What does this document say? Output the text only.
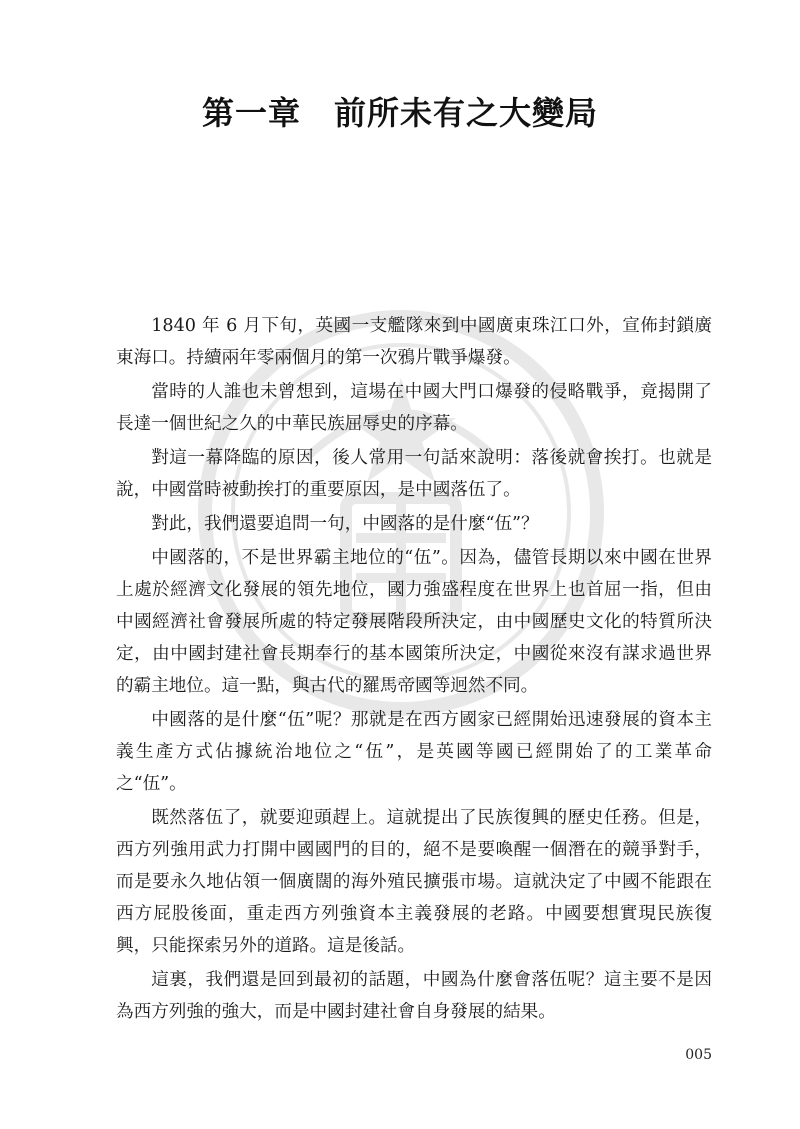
第一章　前所未有之大變局

1840 年 6 月下旬，英國一支艦隊來到中國廣東珠江口外，宣佈封鎖廣東海口。持續兩年零兩個月的第一次鴉片戰爭爆發。

當時的人誰也未曾想到，這場在中國大門口爆發的侵略戰爭，竟揭開了長達一個世紀之久的中華民族屈辱史的序幕。

對這一幕降臨的原因，後人常用一句話來說明：落後就會挨打。也就是說，中國當時被動挨打的重要原因，是中國落伍了。

對此，我們還要追問一句，中國落的是什麼“伍”？

中國落的，不是世界霸主地位的“伍”。因為，儘管長期以來中國在世界上處於經濟文化發展的領先地位，國力強盛程度在世界上也首屈一指，但由中國經濟社會發展所處的特定發展階段所決定，由中國歷史文化的特質所決定，由中國封建社會長期奉行的基本國策所決定，中國從來沒有謀求過世界的霸主地位。這一點，與古代的羅馬帝國等迥然不同。

中國落的是什麼“伍”呢？那就是在西方國家已經開始迅速發展的資本主義生產方式佔據統治地位之“伍”，是英國等國已經開始了的工業革命之“伍”。

既然落伍了，就要迎頭趕上。這就提出了民族復興的歷史任務。但是，西方列強用武力打開中國國門的目的，絕不是要喚醒一個潛在的競爭對手，而是要永久地佔領一個廣闊的海外殖民擴張市場。這就決定了中國不能跟在西方屁股後面，重走西方列強資本主義發展的老路。中國要想實現民族復興，只能探索另外的道路。這是後話。

這裏，我們還是回到最初的話題，中國為什麼會落伍呢？這主要不是因為西方列強的強大，而是中國封建社會自身發展的結果。

005
